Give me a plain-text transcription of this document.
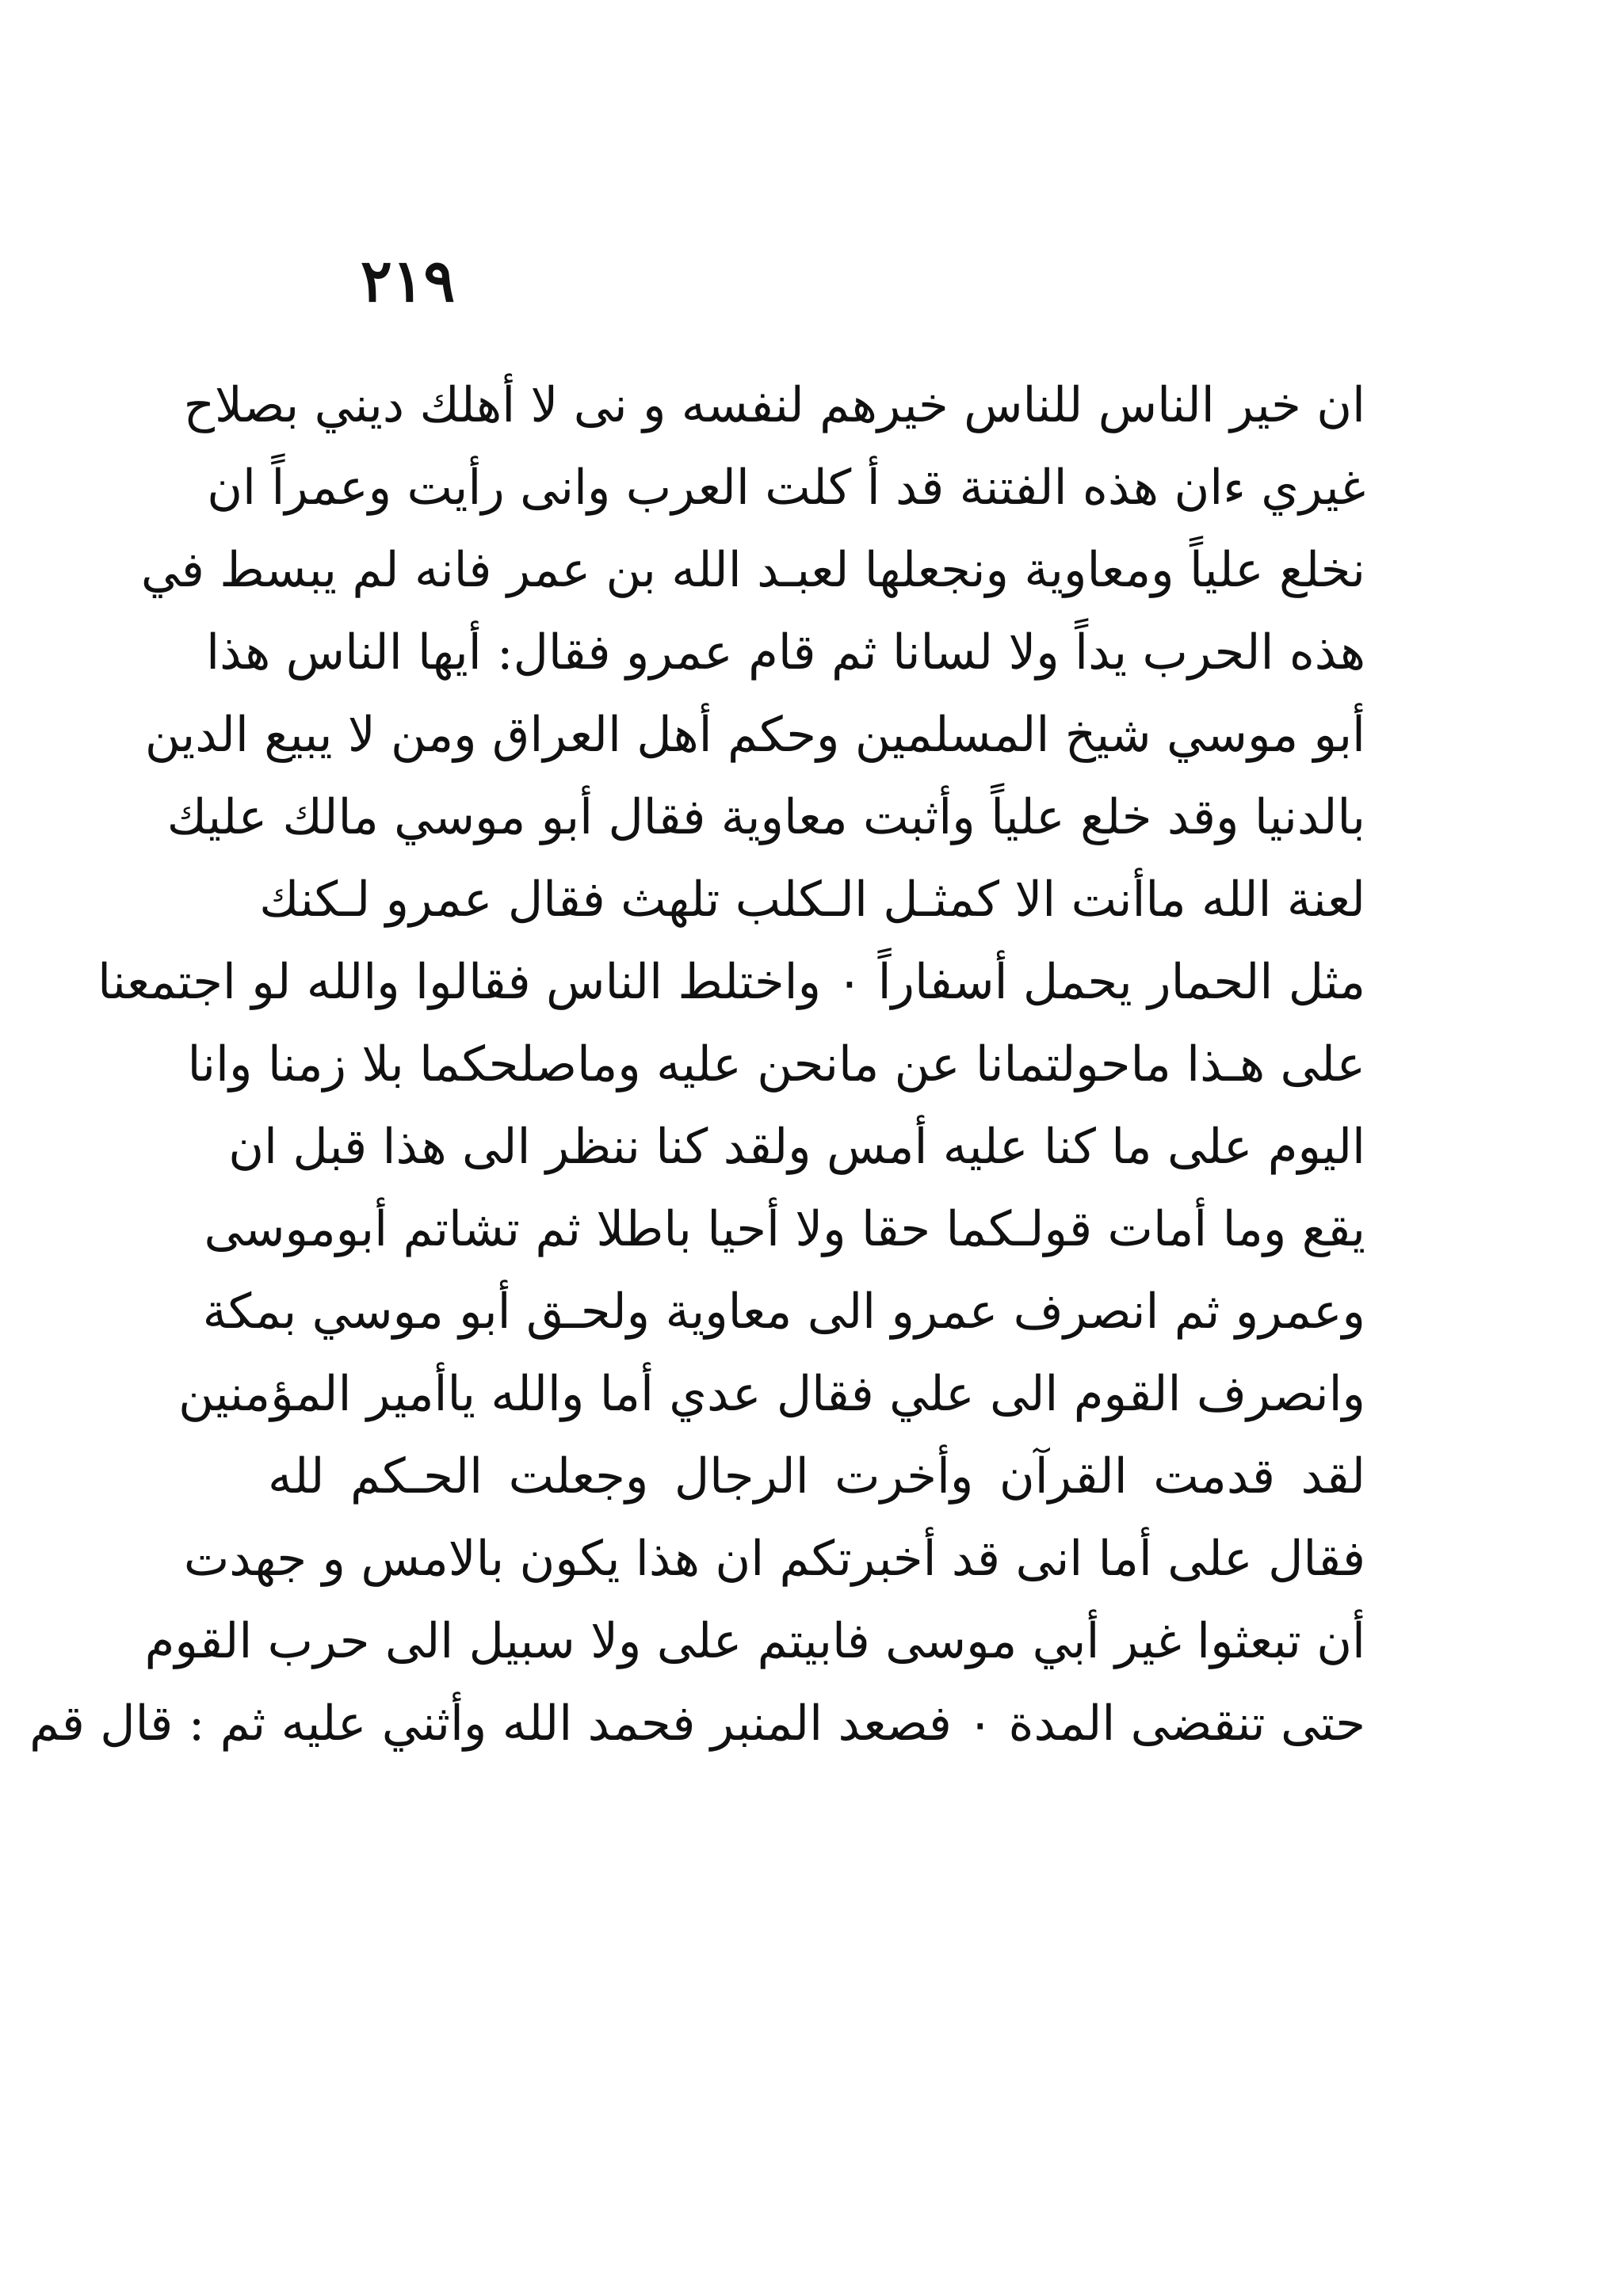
٢١٩
ان خير الناس للناس خيرهم لنفسه و نى لا أهلك ديني بصلاح
غيري ءان هذه الفتنة قد أ كلت العرب وانى رأيت وعمراً ان
نخلع علياً ومعاوية ونجعلها لعبـد الله بن عمر فانه لم يبسط في
هذه الحرب يداً ولا لسانا ثم قام عمرو فقال: أيها الناس هذا
أبو موسي شيخ المسلمين وحكم أهل العراق ومن لا يبيع الدين
بالدنيا وقد خلع علياً وأثبت معاوية فقال أبو موسي مالك عليك
لعنة الله ماأنت الا كمثـل الـكلب تلهث فقال عمرو لـكنك
مثل الحمار يحمل أسفاراً ٠ واختلط الناس فقالوا والله لو اجتمعنا
على هـذا ماحولتمانا عن مانحن عليه وماصلحكما بلا زمنا وانا
اليوم على ما كنا عليه أمس ولقد كنا ننظر الى هذا قبل ان
يقع وما أمات قولـكما حقا ولا أحيا باطلا ثم تشاتم أبوموسى
وعمرو ثم انصرف عمرو الى معاوية ولحـق أبو موسي بمكة
وانصرف القوم الى علي فقال عدي أما والله ياأمير المؤمنين
لقد قدمت القرآن وأخرت الرجال وجعلت الحـكم لله
فقال على أما انى قد أخبرتكم ان هذا يكون بالامس و جهدت
أن تبعثوا غير أبي موسى فابيتم على ولا سبيل الى حرب القوم
حتى تنقضى المدة ٠ فصعد المنبر فحمد الله وأثني عليه ثم : قال قم
